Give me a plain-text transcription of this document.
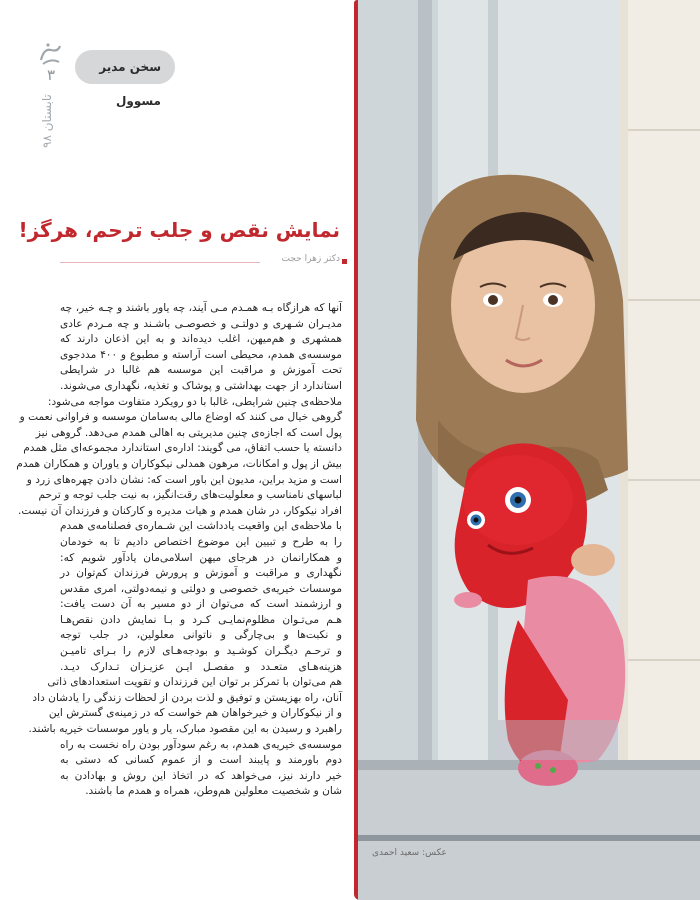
۳
تابستان ۹۸
سخن مدیر مسوول
نمایش نقص و جلب ترحم، هرگز!
دکتر زهرا حجت

آنها که هرازگاه بـه همـدم مـی آیند، چه یاور باشند و چـه خیر، چه

مدیـران شـهری و دولتـی و خصوصـی باشـند و چه مـردم عادی

همشهری و هم‌میهن، اغلب دیده‌اند و به این اذعان دارند که

موسسه‌ی همدم، محیطی است آراسته و مطبوع و ۴۰۰ مددجوی

تحت آموزش و مراقبت این موسسه هم غالبا در شرایطی

استاندارد از جهت بهداشتی و پوشاک و تغذیه، نگهداری می‌شوند.

ملاحظه‌ی چنین شرایطی، غالبا با دو رویکرد متفاوت مواجه می‌شود:

گروهی خیال می کنند که اوضاع مالی به‌سامان موسسه و فراوانی نعمت و

پول است که اجازه‌ی چنین مدیریتی به اهالی همدم می‌دهد. گروهی نیز

دانسته یا حسب اتفاق، می گویند: اداره‌ی استاندارد مجموعه‌ای مثل همدم

بیش از پول و امکانات، مرهون همدلی نیکوکاران و یاوران و همکاران همدم

است و مزید براین، مدیون این باور است که: نشان دادن چهره‌های زرد و

لباسهای نامناسب و معلولیت‌های رقت‌انگیز، به نیت جلب توجه و ترحم

افراد نیکوکار، در شان همدم و هیات مدیره و کارکنان و فرزندان آن نیست.

با ملاحظه‌ی این واقعیت یادداشت این شـماره‌ی فصلنامه‌ی همدم

را به طرح و تبیین این موضوع اختصاص دادیم تا به خودمان

و همکارانمان در هرجای میهن اسلامی‌مان یادآور شویم که:

نگهداری و مراقبت و آموزش و پرورش فرزندان کم‌توان در

موسسات خیریه‌ی خصوصی و دولتی و نیمه‌دولتی، امری مقدس

و ارزشمند است که می‌توان از دو مسیر به آن دست یافت:

هـم می‌تـوان مظلوم‌نمایـی کـرد و بـا نمایش دادن نقص‌هـا

و نکبت‌ها و بی‌چارگی و ناتوانی معلولین، در جلب توجه

و ترحـم دیگـران کوشـید و بودجه‌هـای لازم را بـرای تامیـن

هزینه‌هـای متعـدد و مفصـل ایـن عزیـزان تـدارک دیـد.

هم می‌توان با تمرکز بر توان این فرزندان و تقویت استعدادهای ذاتی

آنان، راه بهزیستن و توفیق و لذت بردن از لحظات زندگی را یادشان داد

و از نیکوکاران و خیرخواهان هم خواست که در زمینه‌ی گسترش این

راهبرد و رسیدن به این مقصود مبارک، یار و یاور موسسات خیریه باشند.

موسسه‌ی خیریه‌ی همدم، به رغم سود‌آور بودن راه نخست به راه

دوم باورمند و پایبند است و از عموم کسانی که دستی به

خیر دارند نیز، می‌خواهد که در اتخاذ این روش و بهادادن به

شان و شخصیت معلولین هم‌وطن، همراه و همدم ما باشند.

عکس: سعید احمدی
